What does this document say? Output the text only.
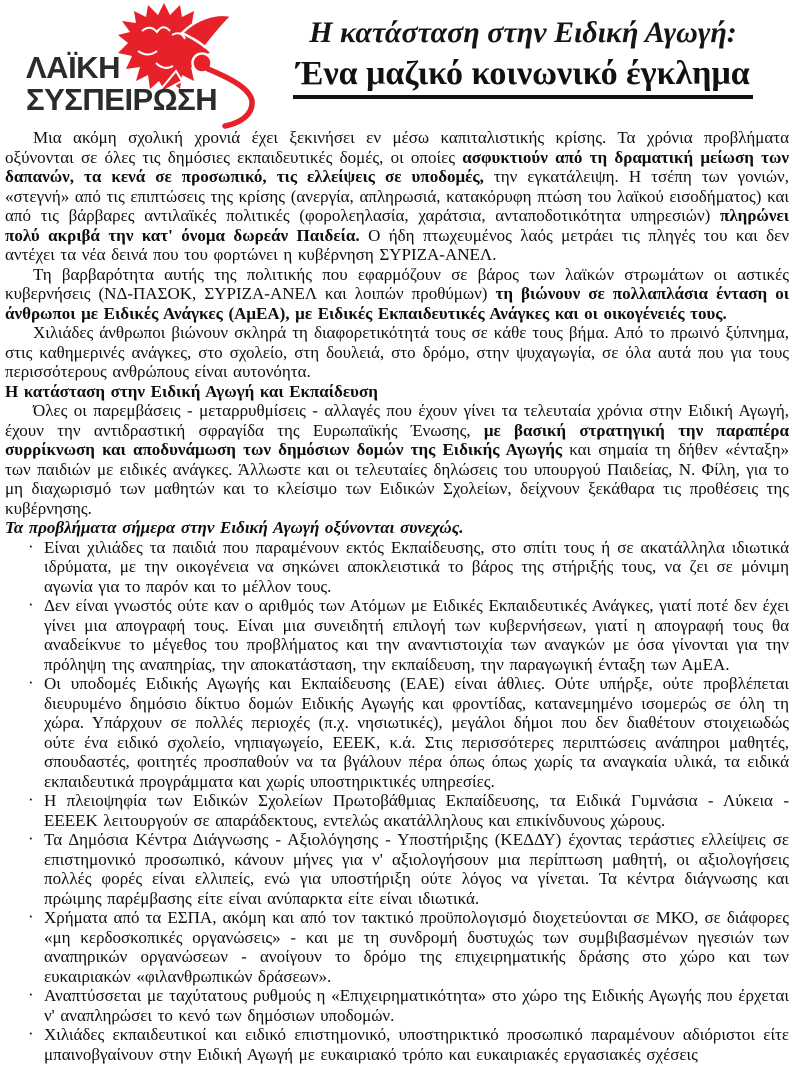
ΛΑΪΚΗ
ΣΥΣΠΕΙΡΩΣΗ
Η κατάσταση στην Ειδική Αγωγή:
Ένα μαζικό κοινωνικό έγκλημα

Μια ακόμη σχολική χρονιά έχει ξεκινήσει εν μέσω καπιταλιστικής κρίσης. Τα χρόνια προβλήματα οξύνονται σε όλες τις δημόσιες εκπαιδευτικές δομές, οι οποίες ασφυκτιούν από τη δραματική μείωση των δαπανών, τα κενά σε προσωπικό, τις ελλείψεις σε υποδομές, την εγκατάλειψη. Η τσέπη των γονιών, «στεγνή» από τις επιπτώσεις της κρίσης (ανεργία, απληρωσιά, κατακόρυφη πτώση του λαϊκού εισοδήματος) και από τις βάρβαρες αντιλαϊκές πολιτικές (φορολεηλασία, χαράτσια, ανταποδοτικότητα υπηρεσιών) πληρώνει πολύ ακριβά την κατ' όνομα δωρεάν Παιδεία. Ο ήδη πτωχευμένος λαός μετράει τις πληγές του και δεν αντέχει τα νέα δεινά που του φορτώνει η κυβέρνηση ΣΥΡΙΖΑ-ΑΝΕΛ.

Τη βαρβαρότητα αυτής της πολιτικής που εφαρμόζουν σε βάρος των λαϊκών στρωμάτων οι αστικές κυβερνήσεις (ΝΔ-ΠΑΣΟΚ, ΣΥΡΙΖΑ-ΑΝΕΛ και λοιπών προθύμων) τη βιώνουν σε πολλαπλάσια ένταση οι άνθρωποι με Ειδικές Ανάγκες (ΑμΕΑ), με Ειδικές Εκπαιδευτικές Ανάγκες και οι οικογένειές τους.

Χιλιάδες άνθρωποι βιώνουν σκληρά τη διαφορετικότητά τους σε κάθε τους βήμα. Από το πρωινό ξύπνημα, στις καθημερινές ανάγκες, στο σχολείο, στη δουλειά, στο δρόμο, στην ψυχαγωγία, σε όλα αυτά που για τους περισσότερους ανθρώπους είναι αυτονόητα.

Η κατάσταση στην Ειδική Αγωγή και Εκπαίδευση

Όλες οι παρεμβάσεις - μεταρρυθμίσεις - αλλαγές που έχουν γίνει τα τελευταία χρόνια στην Ειδική Αγωγή, έχουν την αντιδραστική σφραγίδα της Ευρωπαϊκής Ένωσης, με βασική στρατηγική την παραπέρα συρρίκνωση και αποδυνάμωση των δημόσιων δομών της Ειδικής Αγωγής και σημαία τη δήθεν «ένταξη» των παιδιών με ειδικές ανάγκες. Άλλωστε και οι τελευταίες δηλώσεις του υπουργού Παιδείας, Ν. Φίλη, για το μη διαχωρισμό των μαθητών και το κλείσιμο των Ειδικών Σχολείων, δείχνουν ξεκάθαρα τις προθέσεις της κυβέρνησης.

Τα προβλήματα σήμερα στην Ειδική Αγωγή οξύνονται συνεχώς.

· Είναι χιλιάδες τα παιδιά που παραμένουν εκτός Εκπαίδευσης, στο σπίτι τους ή σε ακατάλληλα ιδιωτικά ιδρύματα, με την οικογένεια να σηκώνει αποκλειστικά το βάρος της στήριξής τους, να ζει σε μόνιμη αγωνία για το παρόν και το μέλλον τους.
· Δεν είναι γνωστός ούτε καν ο αριθμός των Ατόμων με Ειδικές Εκπαιδευτικές Ανάγκες, γιατί ποτέ δεν έχει γίνει μια απογραφή τους. Είναι μια συνειδητή επιλογή των κυβερνήσεων, γιατί η απογραφή τους θα αναδείκνυε το μέγεθος του προβλήματος και την αναντιστοιχία των αναγκών με όσα γίνονται για την πρόληψη της αναπηρίας, την αποκατάσταση, την εκπαίδευση, την παραγωγική ένταξη των ΑμΕΑ.
· Οι υποδομές Ειδικής Αγωγής και Εκπαίδευσης (ΕΑΕ) είναι άθλιες. Ούτε υπήρξε, ούτε προβλέπεται διευρυμένο δημόσιο δίκτυο δομών Ειδικής Αγωγής και φροντίδας, κατανεμημένο ισομερώς σε όλη τη χώρα. Υπάρχουν σε πολλές περιοχές (π.χ. νησιωτικές), μεγάλοι δήμοι που δεν διαθέτουν στοιχειωδώς ούτε ένα ειδικό σχολείο, νηπιαγωγείο, ΕΕΕΚ, κ.ά. Στις περισσότερες περιπτώσεις ανάπηροι μαθητές, σπουδαστές, φοιτητές προσπαθούν να τα βγάλουν πέρα όπως όπως χωρίς τα αναγκαία υλικά, τα ειδικά εκπαιδευτικά προγράμματα και χωρίς υποστηρικτικές υπηρεσίες.
· Η πλειοψηφία των Ειδικών Σχολείων Πρωτοβάθμιας Εκπαίδευσης, τα Ειδικά Γυμνάσια - Λύκεια - ΕΕΕΕΚ λειτουργούν σε απαράδεκτους, εντελώς ακατάλληλους και επικίνδυνους χώρους.
· Τα Δημόσια Κέντρα Διάγνωσης - Αξιολόγησης - Υποστήριξης (ΚΕΔΔΥ) έχοντας τεράστιες ελλείψεις σε επιστημονικό προσωπικό, κάνουν μήνες για ν' αξιολογήσουν μια περίπτωση μαθητή, οι αξιολογήσεις πολλές φορές είναι ελλιπείς, ενώ για υποστήριξη ούτε λόγος να γίνεται. Τα κέντρα διάγνωσης και πρώιμης παρέμβασης είτε είναι ανύπαρκτα είτε είναι ιδιωτικά.
· Χρήματα από τα ΕΣΠΑ, ακόμη και από τον τακτικό προϋπολογισμό διοχετεύονται σε ΜΚΟ, σε διάφορες «μη κερδοσκοπικές οργανώσεις» - και με τη συνδρομή δυστυχώς των συμβιβασμένων ηγεσιών των αναπηρικών οργανώσεων - ανοίγουν το δρόμο της επιχειρηματικής δράσης στο χώρο και των ευκαιριακών «φιλανθρωπικών δράσεων».
· Αναπτύσσεται με ταχύτατους ρυθμούς η «Επιχειρηματικότητα» στο χώρο της Ειδικής Αγωγής που έρχεται ν' αναπληρώσει το κενό των δημόσιων υποδομών.
· Χιλιάδες εκπαιδευτικοί και ειδικό επιστημονικό, υποστηρικτικό προσωπικό παραμένουν αδιόριστοι είτε μπαινοβγαίνουν στην Ειδική Αγωγή με ευκαιριακό τρόπο και ευκαιριακές εργασιακές σχέσεις
